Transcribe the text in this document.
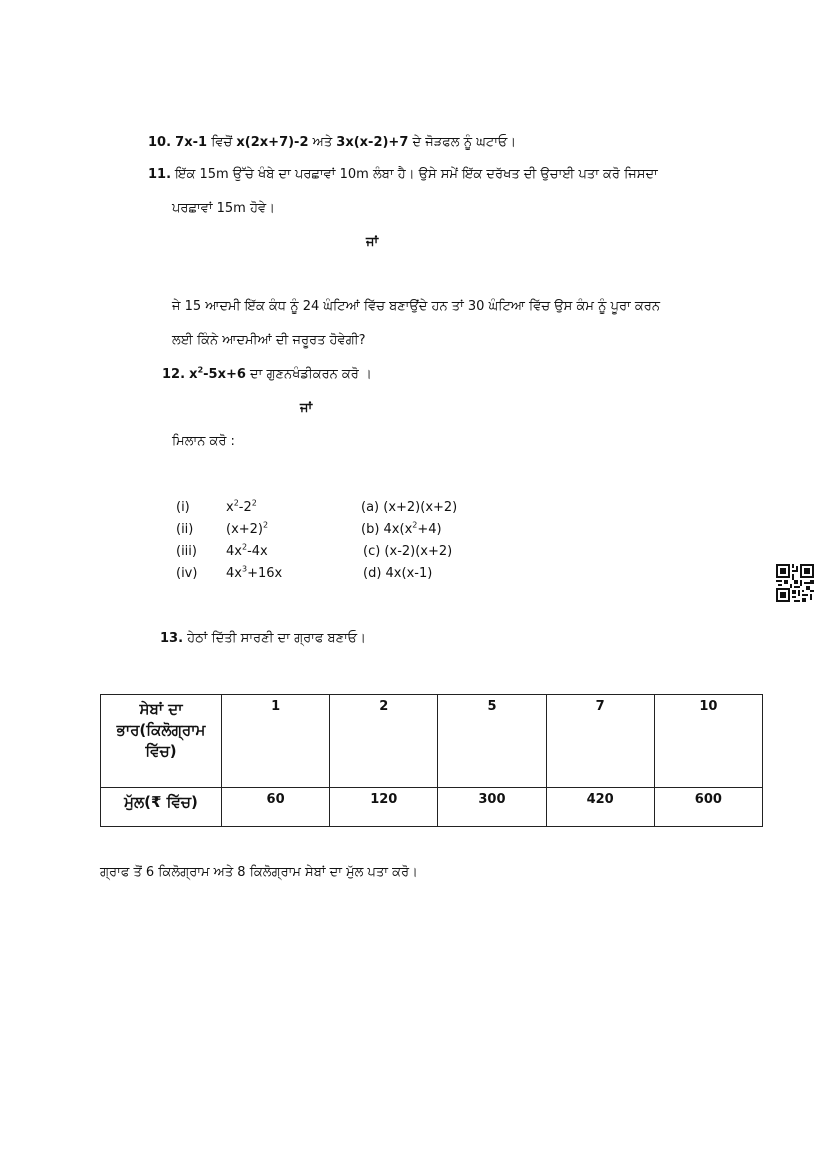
10. 7x-1 ਵਿਚੋਂ x(2x+7)-2 ਅਤੇ 3x(x-2)+7 ਦੇ ਜੋੜਫਲ ਨੂੰ ਘਟਾਓ।
11. ਇੱਕ 15m ਉੱਚੇ ਖੰਬੇ ਦਾ ਪਰਛਾਵਾਂ 10m ਲੰਬਾ ਹੈ। ਉਸੇ ਸਮੇਂ ਇੱਕ ਦਰੱਖਤ ਦੀ ਉਚਾਈ ਪਤਾ ਕਰੋ ਜਿਸਦਾ
ਪਰਛਾਵਾਂ 15m ਹੋਵੇ।
ਜਾਂ
ਜੇ 15 ਆਦਮੀ ਇੱਕ ਕੰਧ ਨੂੰ 24 ਘੰਟਿਆਂ ਵਿੱਚ ਬਣਾਉਂਦੇ ਹਨ ਤਾਂ 30 ਘੰਟਿਆ ਵਿੱਚ ਉਸ ਕੰਮ ਨੂੰ ਪੂਰਾ ਕਰਨ
ਲਈ ਕਿੰਨੇ ਆਦਮੀਆਂ ਦੀ ਜਰੂਰਤ ਹੋਵੇਗੀ?
12. $x^2-5x+6$ ਦਾ ਗੁਣਨਖੰਡੀਕਰਨ ਕਰੋ ।
ਜਾਂ
ਮਿਲਾਨ ਕਰੋ :
(i)	$x^2-2^2$	(a) (x+2)(x+2)
(ii)	$(x+2)^2$	(b) $4x(x^2+4)$
(iii) $4x^2-4x$	(c) (x-2)(x+2)
(iv) $4x^3+16x$	(d) 4x(x-1)
13. ਹੇਠਾਂ ਦਿੱਤੀ ਸਾਰਣੀ ਦਾ ਗ੍ਰਾਫ ਬਣਾਓ।
ਸੇਬਾਂ ਦਾ
ਭਾਰ(ਕਿਲੋਗ੍ਰਾਮ
ਵਿੱਚ)	1	2	5	7	10
ਮੁੱਲ(₹ ਵਿੱਚ)	60	120	300	420	600
ਗ੍ਰਾਫ ਤੋਂ 6 ਕਿਲੋਗ੍ਰਾਮ ਅਤੇ 8 ਕਿਲੋਗ੍ਰਾਮ ਸੇਬਾਂ ਦਾ ਮੁੱਲ ਪਤਾ ਕਰੋ।
